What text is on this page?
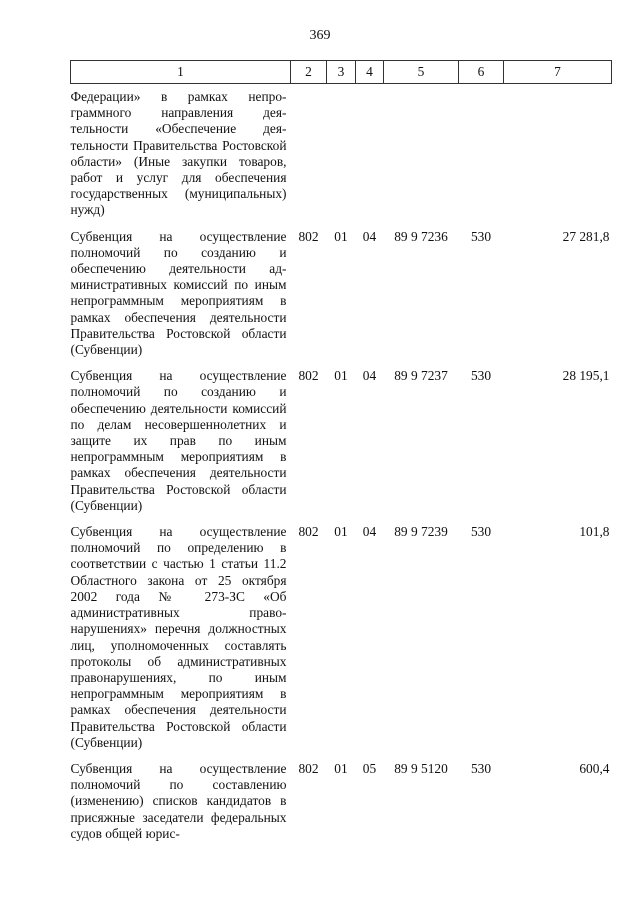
369
1	2	3	4	5	6	7
Федерации» в рамках непрограммного направления деятельности «Обеспечение деятельности Правительства Ростовской области» (Иные закупки товаров, работ и услуг для обеспечения государственных (муниципальных) нужд)						
Субвенция на осуществление полномочий по созданию и обеспечению деятельности административных комиссий по иным непрограммным мероприятиям в рамках обеспечения деятельности Правительства Ростовской области (Субвенции)	802	01	04	89 9 7236	530	27 281,8
Субвенция на осуществление полномочий по созданию и обеспечению деятельности комиссий по делам несовершеннолетних и защите их прав по иным непрограммным мероприятиям в рамках обеспечения деятельности Правительства Ростовской области (Субвенции)	802	01	04	89 9 7237	530	28 195,1
Субвенция на осуществление полномочий по определению в соответствии с частью 1 статьи 11.2 Областного закона от 25 октября 2002 года № 273-ЗС «Об административных правонарушениях» перечня должностных лиц, уполномоченных составлять протоколы об административных правонарушениях, по иным непрограммным мероприятиям в рамках обеспечения деятельности Правительства Ростовской области (Субвенции)	802	01	04	89 9 7239	530	101,8
Субвенция на осуществление полномочий по составлению (изменению) списков кандидатов в присяжные заседатели федеральных судов общей юрис-	802	01	05	89 9 5120	530	600,4
